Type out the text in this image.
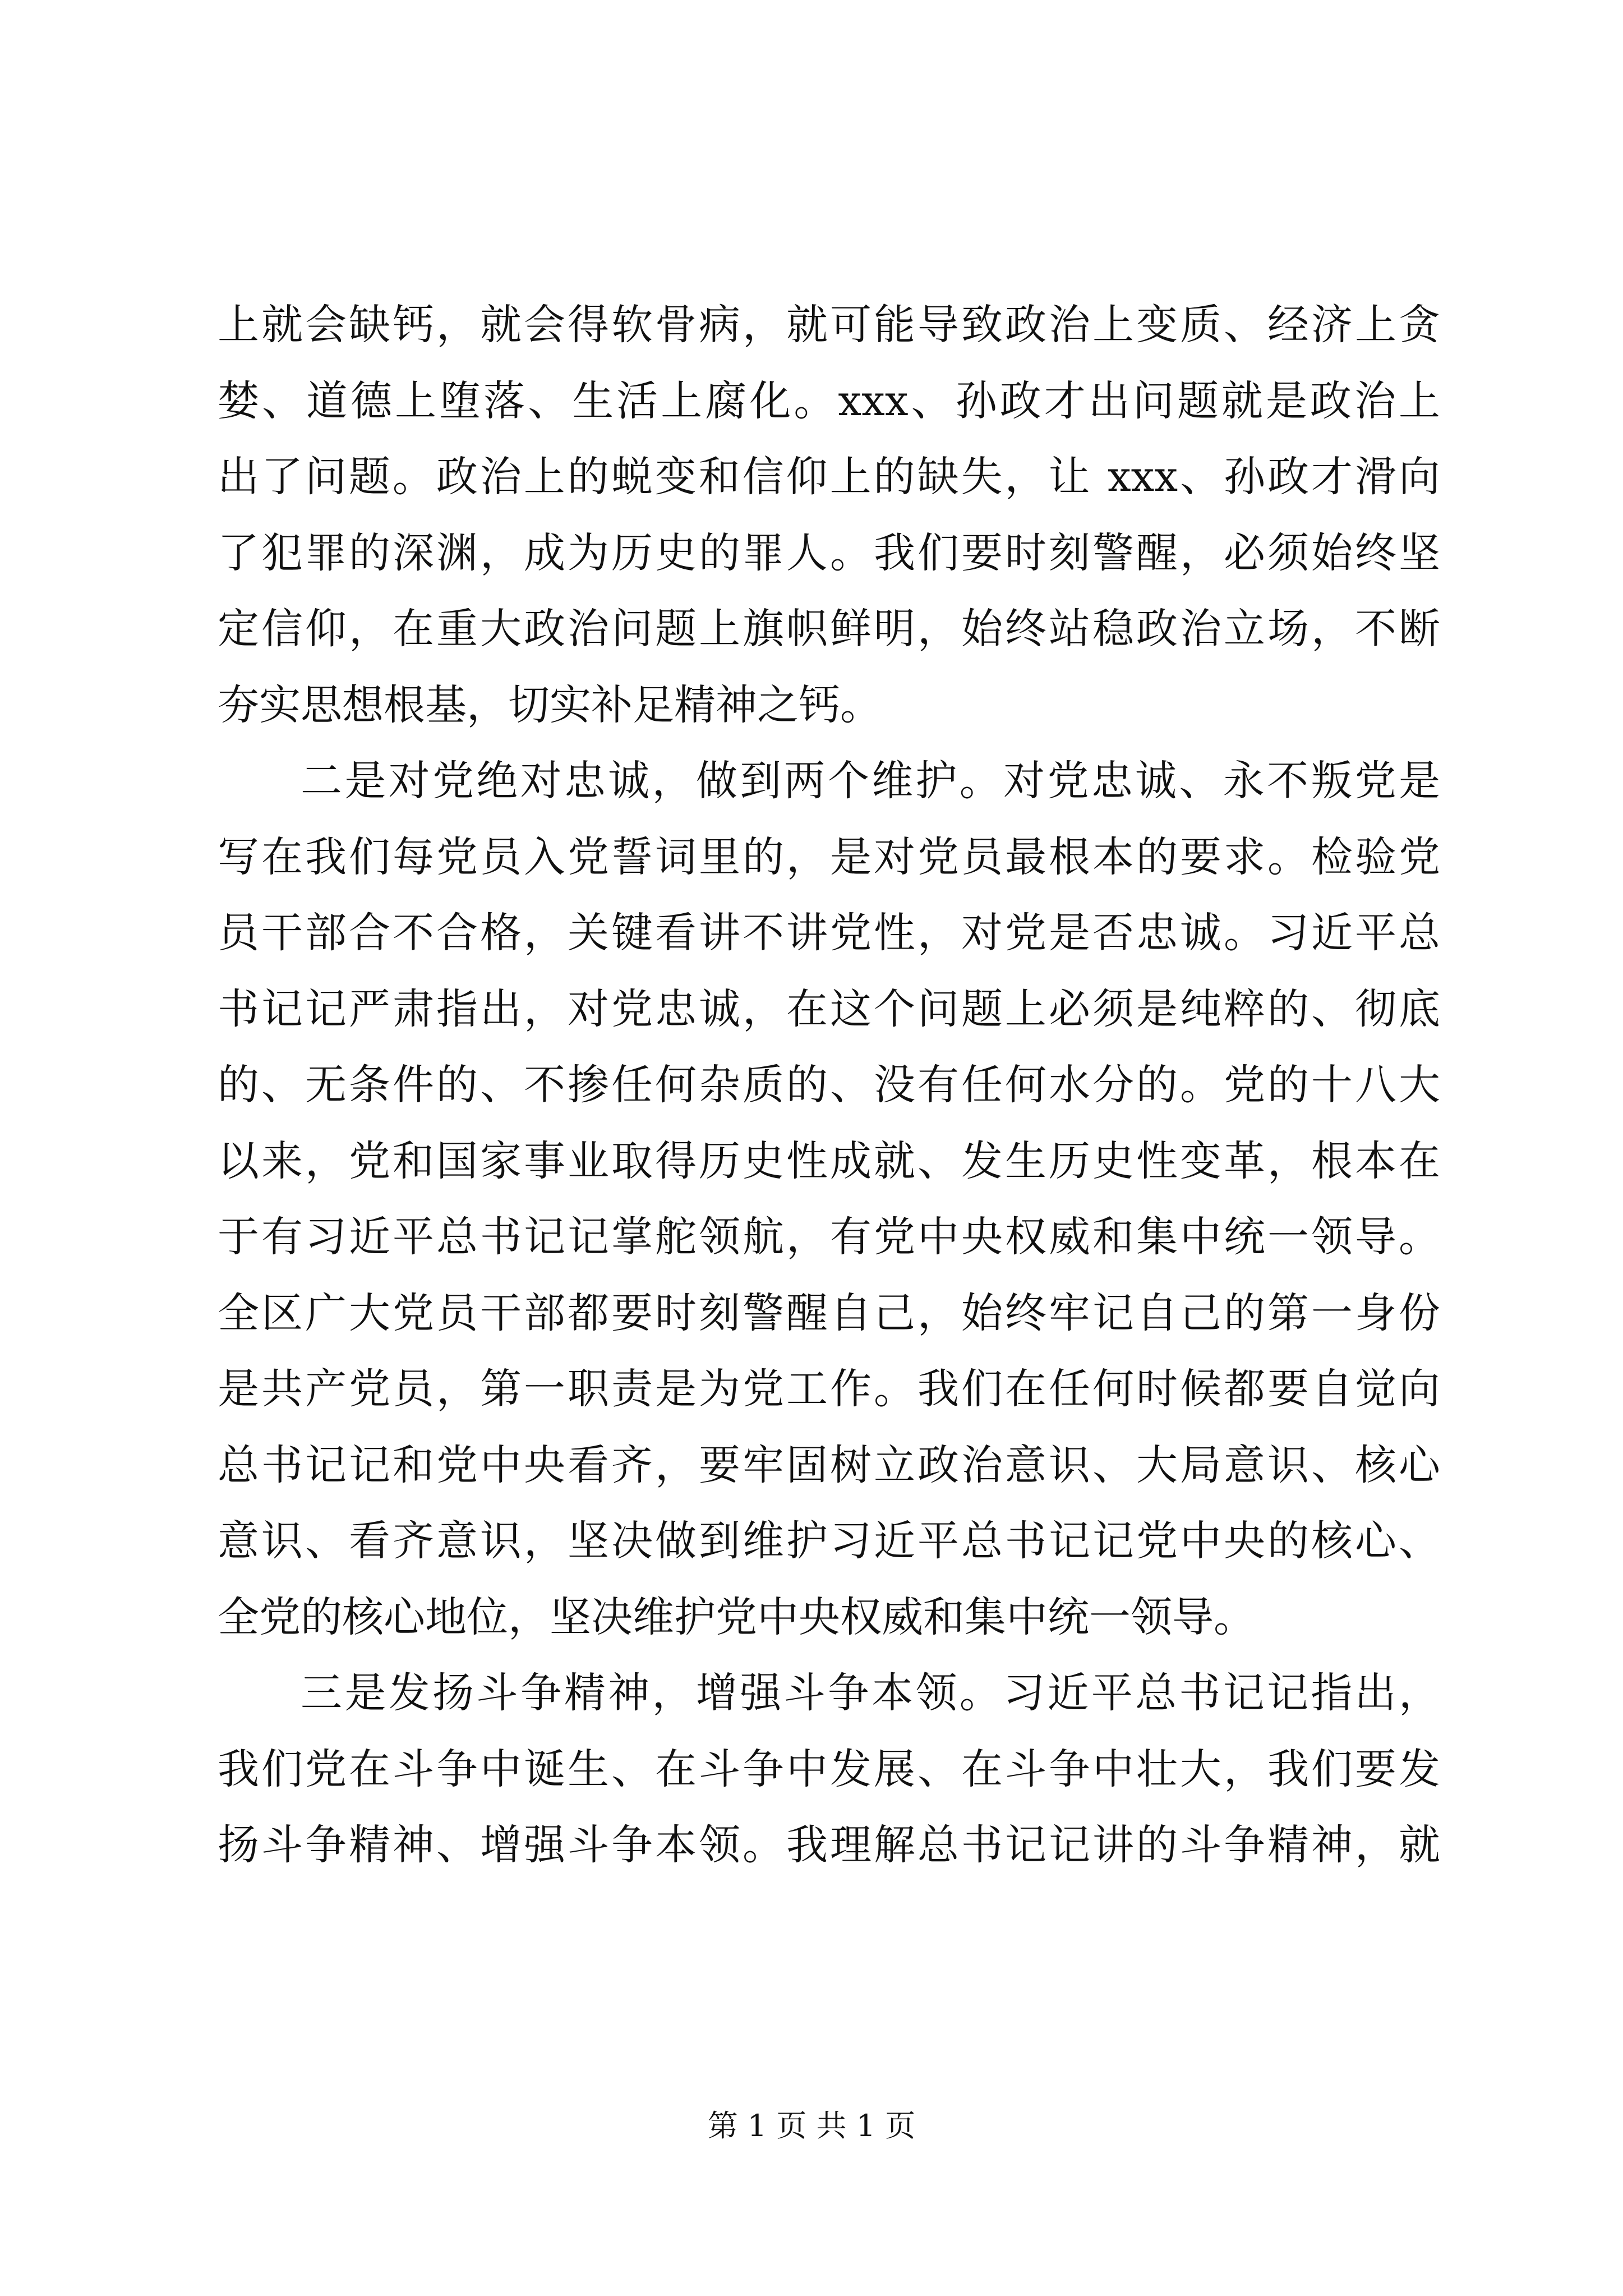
上就会缺钙，就会得软骨病，就可能导致政治上变质、经济上贪
婪、道德上堕落、生活上腐化。xxx、孙政才出问题就是政治上
出了问题。政治上的蜕变和信仰上的缺失，让 xxx、孙政才滑向
了犯罪的深渊，成为历史的罪人。我们要时刻警醒，必须始终坚
定信仰，在重大政治问题上旗帜鲜明，始终站稳政治立场，不断
夯实思想根基，切实补足精神之钙。
二是对党绝对忠诚，做到两个维护。对党忠诚、永不叛党是
写在我们每党员入党誓词里的，是对党员最根本的要求。检验党
员干部合不合格，关键看讲不讲党性，对党是否忠诚。习近平总
书记记严肃指出，对党忠诚，在这个问题上必须是纯粹的、彻底
的、无条件的、不掺任何杂质的、没有任何水分的。党的十八大
以来，党和国家事业取得历史性成就、发生历史性变革，根本在
于有习近平总书记记掌舵领航，有党中央权威和集中统一领导。
全区广大党员干部都要时刻警醒自己，始终牢记自己的第一身份
是共产党员，第一职责是为党工作。我们在任何时候都要自觉向
总书记记和党中央看齐，要牢固树立政治意识、大局意识、核心
意识、看齐意识，坚决做到维护习近平总书记记党中央的核心、
全党的核心地位，坚决维护党中央权威和集中统一领导。
三是发扬斗争精神，增强斗争本领。习近平总书记记指出，
我们党在斗争中诞生、在斗争中发展、在斗争中壮大，我们要发
扬斗争精神、增强斗争本领。我理解总书记记讲的斗争精神，就
第 1 页 共 1 页
